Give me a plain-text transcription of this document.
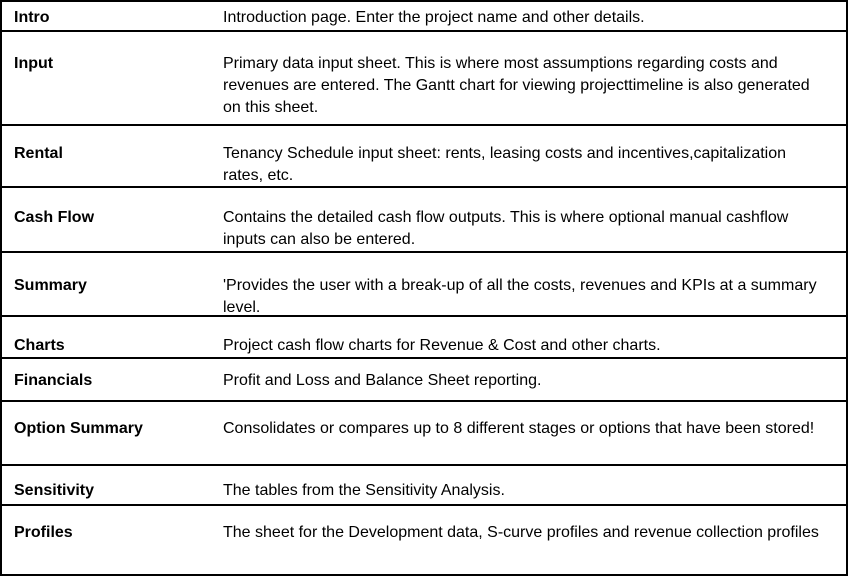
Intro	Introduction page. Enter the project name and other details.
Input	Primary data input sheet. This is where most assumptions regarding costs and revenues are entered. The Gantt chart for viewing projecttimeline is also generated on this sheet.
Rental	Tenancy Schedule input sheet: rents, leasing costs and incentives,capitalization rates, etc.
Cash Flow	Contains the detailed cash flow outputs. This is where optional manual cashflow inputs can also be entered.
Summary	'Provides the user with a break-up of all the costs, revenues and KPIs at a summary level.
Charts	Project cash flow charts for Revenue & Cost and other charts.
Financials	Profit and Loss and Balance Sheet reporting.
Option Summary	Consolidates or compares up to 8 different stages or options that have been stored!
Sensitivity	The tables from the Sensitivity Analysis.
Profiles	The sheet for the Development data, S-curve profiles and revenue collection profiles
